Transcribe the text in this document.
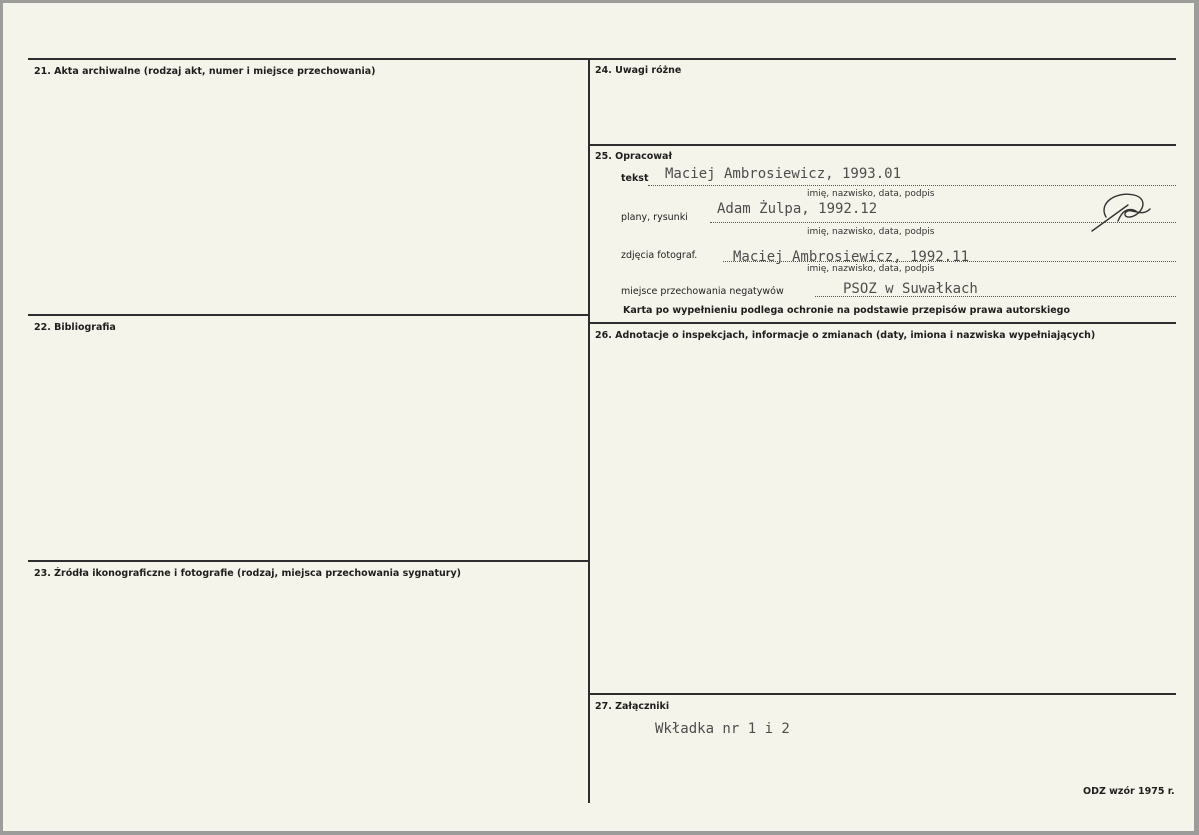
21. Akta archiwalne (rodzaj akt, numer i miejsce przechowania)
22. Bibliografia
23. Źródła ikonograficzne i fotografie (rodzaj, miejsca przechowania sygnatury)
24. Uwagi różne
25. Opracował
tekst Maciej Ambrosiewicz, 1993.01
imię, nazwisko, data, podpis
plany, rysunki
Adam Żulpa, 1992.12
imię, nazwisko, data, podpis
zdjęcia fotograf.	Maciej Ambrosiewicz, 1992.11
imię, nazwisko, data, podpis
miejsce przechowania negatywów	PSOZ w Suwałkach
Karta po wypełnieniu podlega ochronie na podstawie przepisów prawa autorskiego
26. Adnotacje o inspekcjach, informacje o zmianach (daty, imiona i nazwiska wypełniających)
27. Załączniki
Wkładka nr 1 i 2
ODZ wzór 1975 r.
